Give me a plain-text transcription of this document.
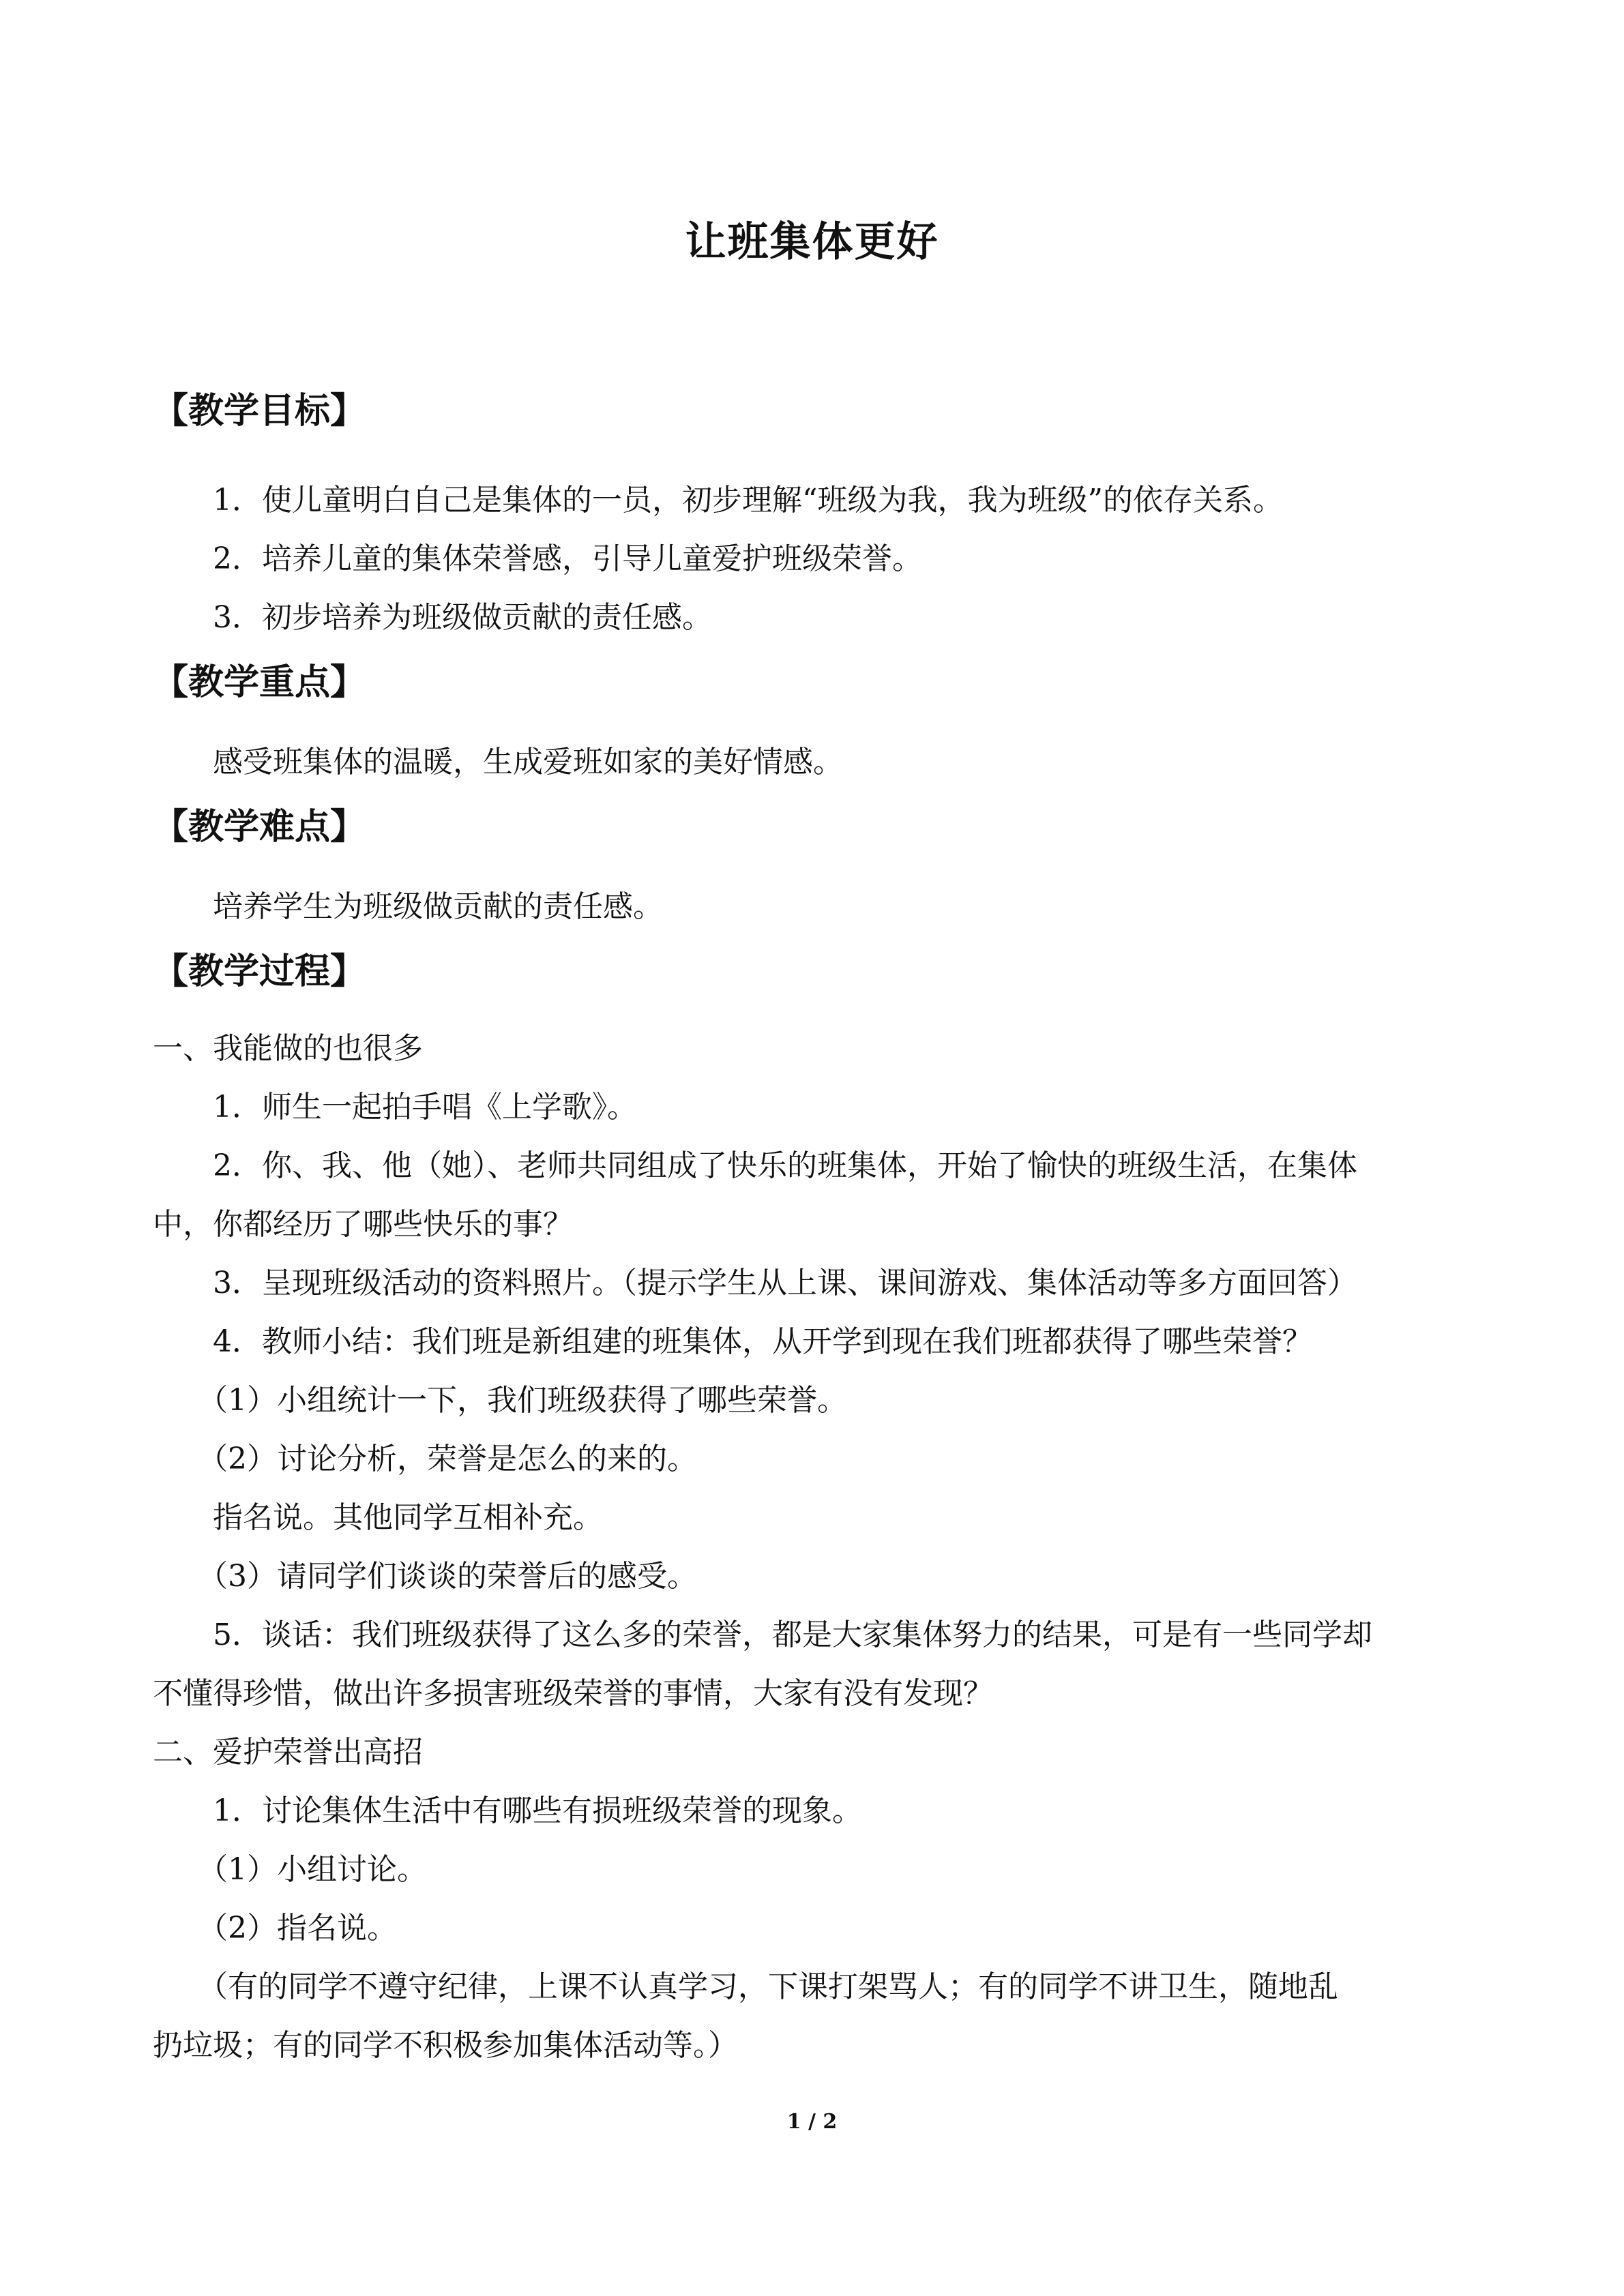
让班集体更好
【教学目标】

1．使儿童明白自己是集体的一员，初步理解“班级为我，我为班级”的依存关系。

2．培养儿童的集体荣誉感，引导儿童爱护班级荣誉。

3．初步培养为班级做贡献的责任感。

【教学重点】

感受班集体的温暖，生成爱班如家的美好情感。

【教学难点】

培养学生为班级做贡献的责任感。

【教学过程】

一、我能做的也很多

1．师生一起拍手唱《上学歌》。

2．你、我、他（她）、老师共同组成了快乐的班集体，开始了愉快的班级生活，在集体

中，你都经历了哪些快乐的事？

3．呈现班级活动的资料照片。（提示学生从上课、课间游戏、集体活动等多方面回答）

4．教师小结：我们班是新组建的班集体，从开学到现在我们班都获得了哪些荣誉？

（1）小组统计一下，我们班级获得了哪些荣誉。

（2）讨论分析，荣誉是怎么的来的。

指名说。其他同学互相补充。

（3）请同学们谈谈的荣誉后的感受。

5．谈话：我们班级获得了这么多的荣誉，都是大家集体努力的结果，可是有一些同学却

不懂得珍惜，做出许多损害班级荣誉的事情，大家有没有发现？

二、爱护荣誉出高招

1．讨论集体生活中有哪些有损班级荣誉的现象。

（1）小组讨论。

（2）指名说。

（有的同学不遵守纪律，上课不认真学习，下课打架骂人；有的同学不讲卫生，随地乱

扔垃圾；有的同学不积极参加集体活动等。）

1 / 2
